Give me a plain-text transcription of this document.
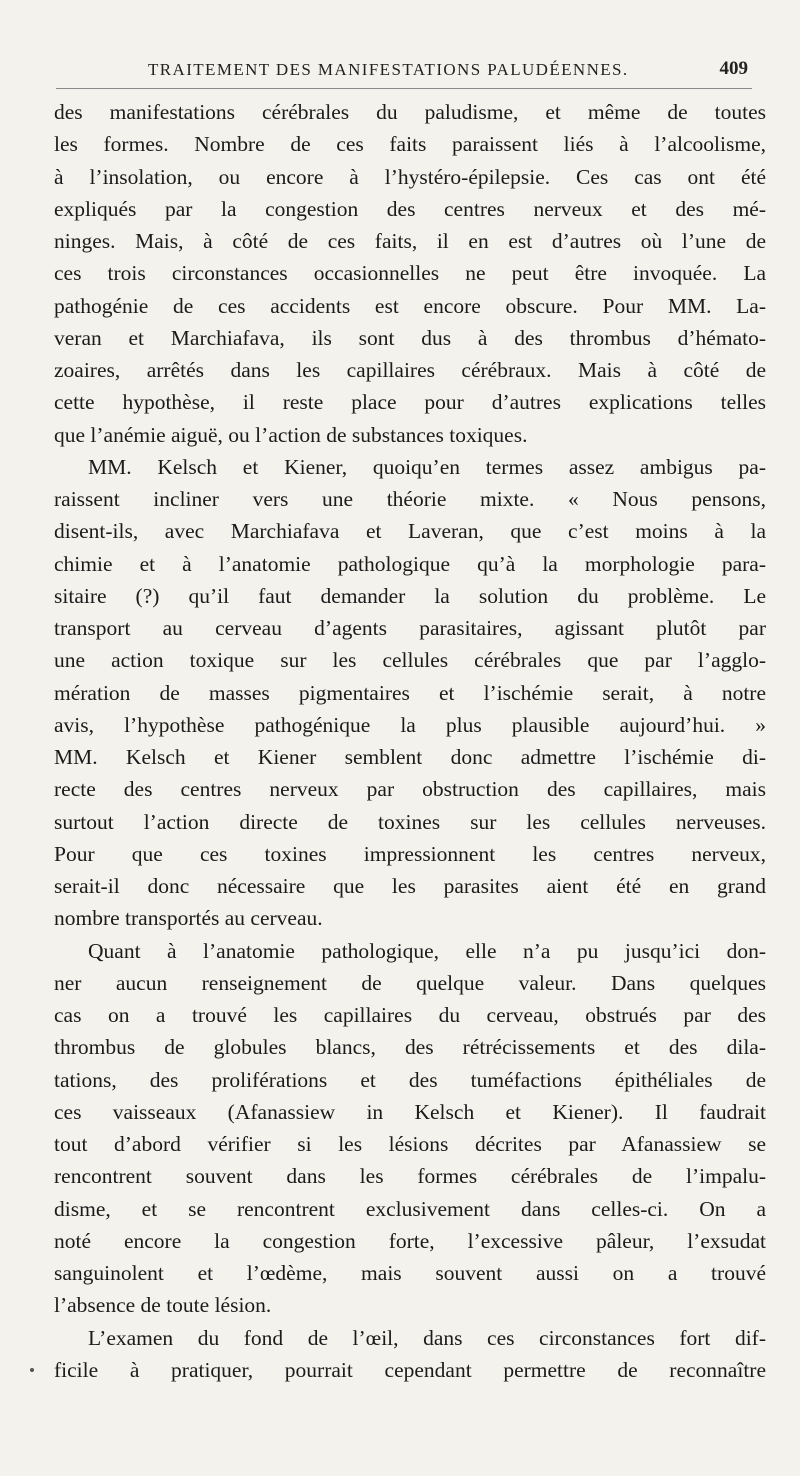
TRAITEMENT DES MANIFESTATIONS PALUDÉENNES.	409
des manifestations cérébrales du paludisme, et même de toutes
les formes. Nombre de ces faits paraissent liés à l’alcoolisme,
à l’insolation, ou encore à l’hystéro-épilepsie. Ces cas ont été
expliqués par la congestion des centres nerveux et des mé-
ninges. Mais, à côté de ces faits, il en est d’autres où l’une de
ces trois circonstances occasionnelles ne peut être invoquée. La
pathogénie de ces accidents est encore obscure. Pour MM. La-
veran et Marchiafava, ils sont dus à des thrombus d’hémato-
zoaires, arrêtés dans les capillaires cérébraux. Mais à côté de
cette hypothèse, il reste place pour d’autres explications telles
que l’anémie aiguë, ou l’action de substances toxiques.
MM. Kelsch et Kiener, quoiqu’en termes assez ambigus pa-
raissent incliner vers une théorie mixte. « Nous pensons,
disent-ils, avec Marchiafava et Laveran, que c’est moins à la
chimie et à l’anatomie pathologique qu’à la morphologie para-
sitaire (?) qu’il faut demander la solution du problème. Le
transport au cerveau d’agents parasitaires, agissant plutôt par
une action toxique sur les cellules cérébrales que par l’agglo-
mération de masses pigmentaires et l’ischémie serait, à notre
avis, l’hypothèse pathogénique la plus plausible aujourd’hui. »
MM. Kelsch et Kiener semblent donc admettre l’ischémie di-
recte des centres nerveux par obstruction des capillaires, mais
surtout l’action directe de toxines sur les cellules nerveuses.
Pour que ces toxines impressionnent les centres nerveux,
serait-il donc nécessaire que les parasites aient été en grand
nombre transportés au cerveau.
Quant à l’anatomie pathologique, elle n’a pu jusqu’ici don-
ner aucun renseignement de quelque valeur. Dans quelques
cas on a trouvé les capillaires du cerveau, obstrués par des
thrombus de globules blancs, des rétrécissements et des dila-
tations, des proliférations et des tuméfactions épithéliales de
ces vaisseaux (Afanassiew in Kelsch et Kiener). Il faudrait
tout d’abord vérifier si les lésions décrites par Afanassiew se
rencontrent souvent dans les formes cérébrales de l’impalu-
disme, et se rencontrent exclusivement dans celles-ci. On a
noté encore la congestion forte, l’excessive pâleur, l’exsudat
sanguinolent et l’œdème, mais souvent aussi on a trouvé
l’absence de toute lésion.
L’examen du fond de l’œil, dans ces circonstances fort dif-
ficile à pratiquer, pourrait cependant permettre de reconnaître
